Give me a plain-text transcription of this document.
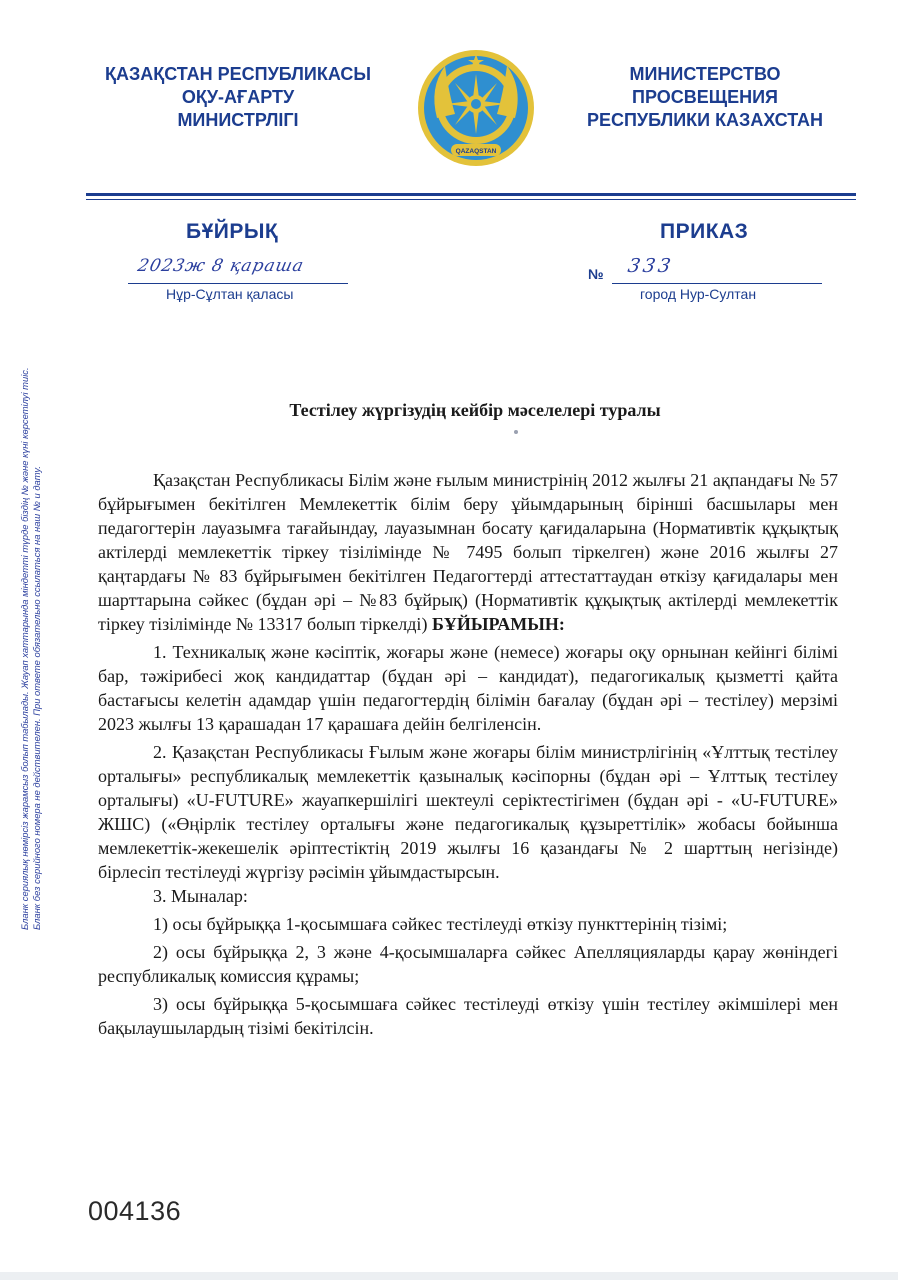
ҚАЗАҚСТАН РЕСПУБЛИКАСЫ
ОҚУ-АҒАРТУ
МИНИСТРЛІГІ
QAZAQSTAN
МИНИСТЕРСТВО
ПРОСВЕЩЕНИЯ
РЕСПУБЛИКИ КАЗАХСТАН
БҰЙРЫҚ	ПРИКАЗ
2023ж 8 қараша	№ 333
Нұр-Сұлтан қаласы	город Нур-Султан
Бланк сериялық нөмірсіз жарамсыз болып табылады. Жауап хаттарында міндетті түрде біздің № және күні көрсетілуі тиіс. Бланк без серийного номера не действителен. При ответе обязательно ссылаться на наш № и дату.
Тестілеу жүргізудің кейбір мәселелері туралы

Қазақстан Республикасы Білім және ғылым министрінің 2012 жылғы 21 ақпандағы № 57 бұйрығымен бекітілген Мемлекеттік білім беру ұйымдарының бірінші басшылары мен педагогтерін лауазымға тағайындау, лауазымнан босату қағидаларына (Нормативтік құқықтық актілерді мемлекеттік тіркеу тізілімінде № 7495 болып тіркелген) және 2016 жылғы 27 қаңтардағы № 83 бұйрығымен бекітілген Педагогтерді аттестаттаудан өткізу қағидалары мен шарттарына сәйкес (бұдан әрі – №83 бұйрық) (Нормативтік құқықтық актілерді мемлекеттік тіркеу тізілімінде № 13317 болып тіркелді) БҰЙЫРАМЫН:

1. Техникалық және кәсіптік, жоғары және (немесе) жоғары оқу орнынан кейінгі білімі бар, тәжірибесі жоқ кандидаттар (бұдан әрі – кандидат), педагогикалық қызметті қайта бастағысы келетін адамдар үшін педагогтердің білімін бағалау (бұдан әрі – тестілеу) мерзімі 2023 жылғы 13 қарашадан 17 қарашаға дейін белгіленсін.

2. Қазақстан Республикасы Ғылым және жоғары білім министрлігінің «Ұлттық тестілеу орталығы» республикалық мемлекеттік қазыналық кәсіпорны (бұдан әрі – Ұлттық тестілеу орталығы) «U-FUTURE» жауапкершілігі шектеулі серіктестігімен (бұдан әрі - «U-FUTURE» ЖШС) («Өңірлік тестілеу орталығы және педагогикалық құзыреттілік» жобасы бойынша мемлекеттік-жекешелік әріптестіктің 2019 жылғы 16 қазандағы № 2 шарттың негізінде) бірлесіп тестілеуді жүргізу рәсімін ұйымдастырсын.

3. Мыналар:

1) осы бұйрыққа 1-қосымшаға сәйкес тестілеуді өткізу пункттерінің тізімі;

2) осы бұйрыққа 2, 3 және 4-қосымшаларға сәйкес Апелляцияларды қарау жөніндегі республикалық комиссия құрамы;

3) осы бұйрыққа 5-қосымшаға сәйкес тестілеуді өткізу үшін тестілеу әкімшілері мен бақылаушылардың тізімі бекітілсін.

004136
